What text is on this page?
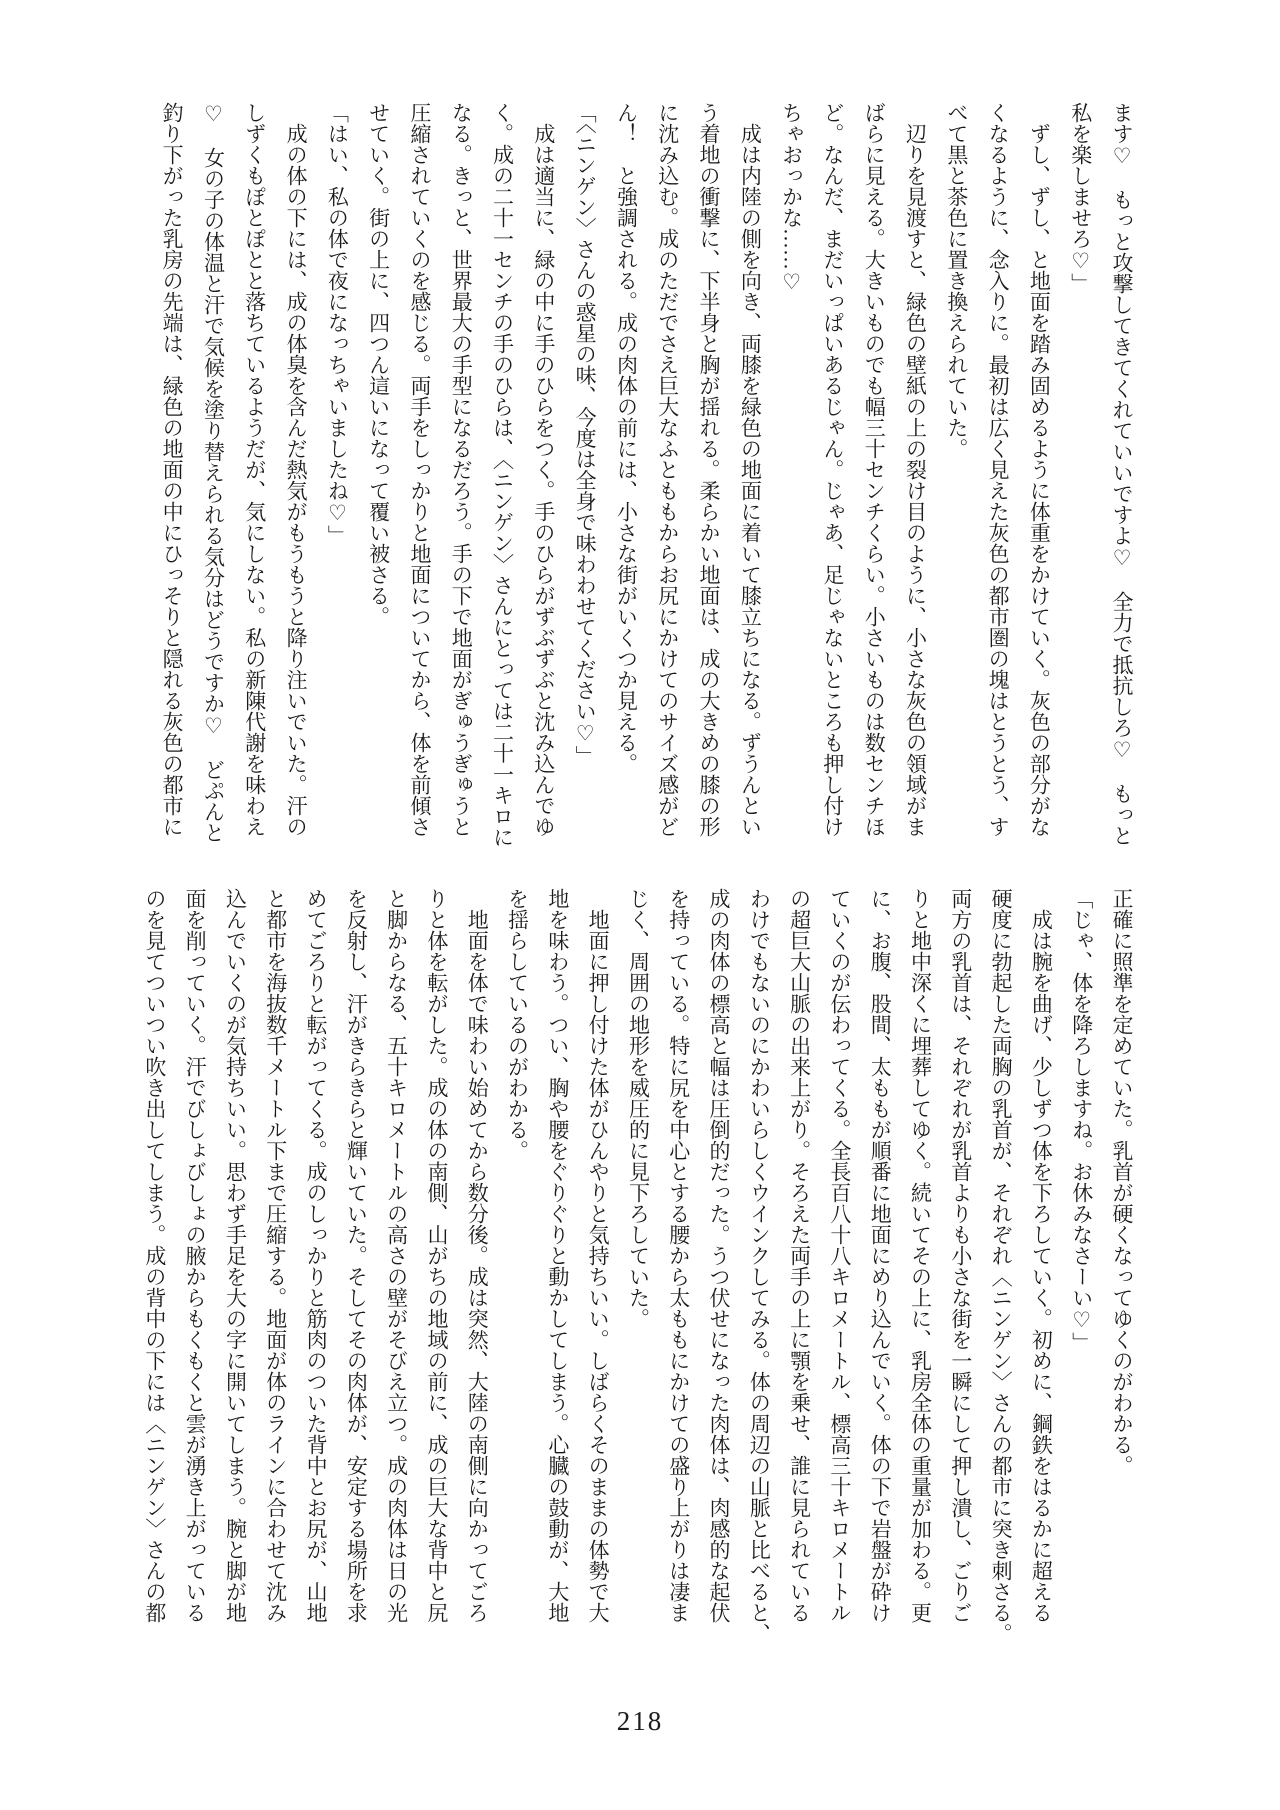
ます♡　もっと攻撃してきてくれていいですよ♡　全力で抵抗しろ♡　もっと
私を楽しませろ♡」
　ずし、ずし、と地面を踏み固めるように体重をかけていく。灰色の部分がな
くなるように、念入りに。最初は広く見えた灰色の都市圏の塊はとうとう、す
べて黒と茶色に置き換えられていた。
　辺りを見渡すと、緑色の壁紙の上の裂け目のように、小さな灰色の領域がま
ばらに見える。大きいものでも幅三十センチくらい。小さいものは数センチほ
ど。なんだ、まだいっぱいあるじゃん。じゃあ、足じゃないところも押し付け
ちゃおっかな……♡
　成は内陸の側を向き、両膝を緑色の地面に着いて膝立ちになる。ずうんとい
う着地の衝撃に、下半身と胸が揺れる。柔らかい地面は、成の大きめの膝の形
に沈み込む。成のただでさえ巨大なふとももからお尻にかけてのサイズ感がど
ん！　と強調される。成の肉体の前には、小さな街がいくつか見える。
「〈ニンゲン〉さんの惑星の味、今度は全身で味わわせてください♡」
　成は適当に、緑の中に手のひらをつく。手のひらがずぶずぶと沈み込んでゆ
く。成の二十一センチの手のひらは、〈ニンゲン〉さんにとっては二十一キロに
なる。きっと、世界最大の手型になるだろう。手の下で地面がぎゅうぎゅうと
圧縮されていくのを感じる。両手をしっかりと地面についてから、体を前傾さ
せていく。街の上に、四つん這いになって覆い被さる。
「はい、私の体で夜になっちゃいましたね♡」
　成の体の下には、成の体臭を含んだ熱気がもうもうと降り注いでいた。汗の
しずくもぽとぽとと落ちているようだが、気にしない。私の新陳代謝を味わえ
♡　女の子の体温と汗で気候を塗り替えられる気分はどうですか♡　どぷんと
釣り下がった乳房の先端は、緑色の地面の中にひっそりと隠れる灰色の都市に
正確に照準を定めていた。乳首が硬くなってゆくのがわかる。
「じゃ、体を降ろしますね。お休みなさーい♡」
　成は腕を曲げ、少しずつ体を下ろしていく。初めに、鋼鉄をはるかに超える
硬度に勃起した両胸の乳首が、それぞれ〈ニンゲン〉さんの都市に突き刺さる。
両方の乳首は、それぞれが乳首よりも小さな街を一瞬にして押し潰し、ごりご
りと地中深くに埋葬してゆく。続いてその上に、乳房全体の重量が加わる。更
に、お腹、股間、太ももが順番に地面にめり込んでいく。体の下で岩盤が砕け
ていくのが伝わってくる。全長百八十八キロメートル、標高三十キロメートル
の超巨大山脈の出来上がり。そろえた両手の上に顎を乗せ、誰に見られている
わけでもないのにかわいらしくウインクしてみる。体の周辺の山脈と比べると、
成の肉体の標高と幅は圧倒的だった。うつ伏せになった肉体は、肉感的な起伏
を持っている。特に尻を中心とする腰から太ももにかけての盛り上がりは凄ま
じく、周囲の地形を威圧的に見下ろしていた。
　地面に押し付けた体がひんやりと気持ちいい。しばらくそのままの体勢で大
地を味わう。つい、胸や腰をぐりぐりと動かしてしまう。心臓の鼓動が、大地
を揺らしているのがわかる。
　地面を体で味わい始めてから数分後。成は突然、大陸の南側に向かってごろ
りと体を転がした。成の体の南側、山がちの地域の前に、成の巨大な背中と尻
と脚からなる、五十キロメートルの高さの壁がそびえ立つ。成の肉体は日の光
を反射し、汗がきらきらと輝いていた。そしてその肉体が、安定する場所を求
めてごろりと転がってくる。成のしっかりと筋肉のついた背中とお尻が、山地
と都市を海抜数千メートル下まで圧縮する。地面が体のラインに合わせて沈み
込んでいくのが気持ちいい。思わず手足を大の字に開いてしまう。腕と脚が地
面を削っていく。汗でびしょびしょの腋からもくもくと雲が湧き上がっている
のを見てついつい吹き出してしまう。成の背中の下には〈ニンゲン〉さんの都
218
